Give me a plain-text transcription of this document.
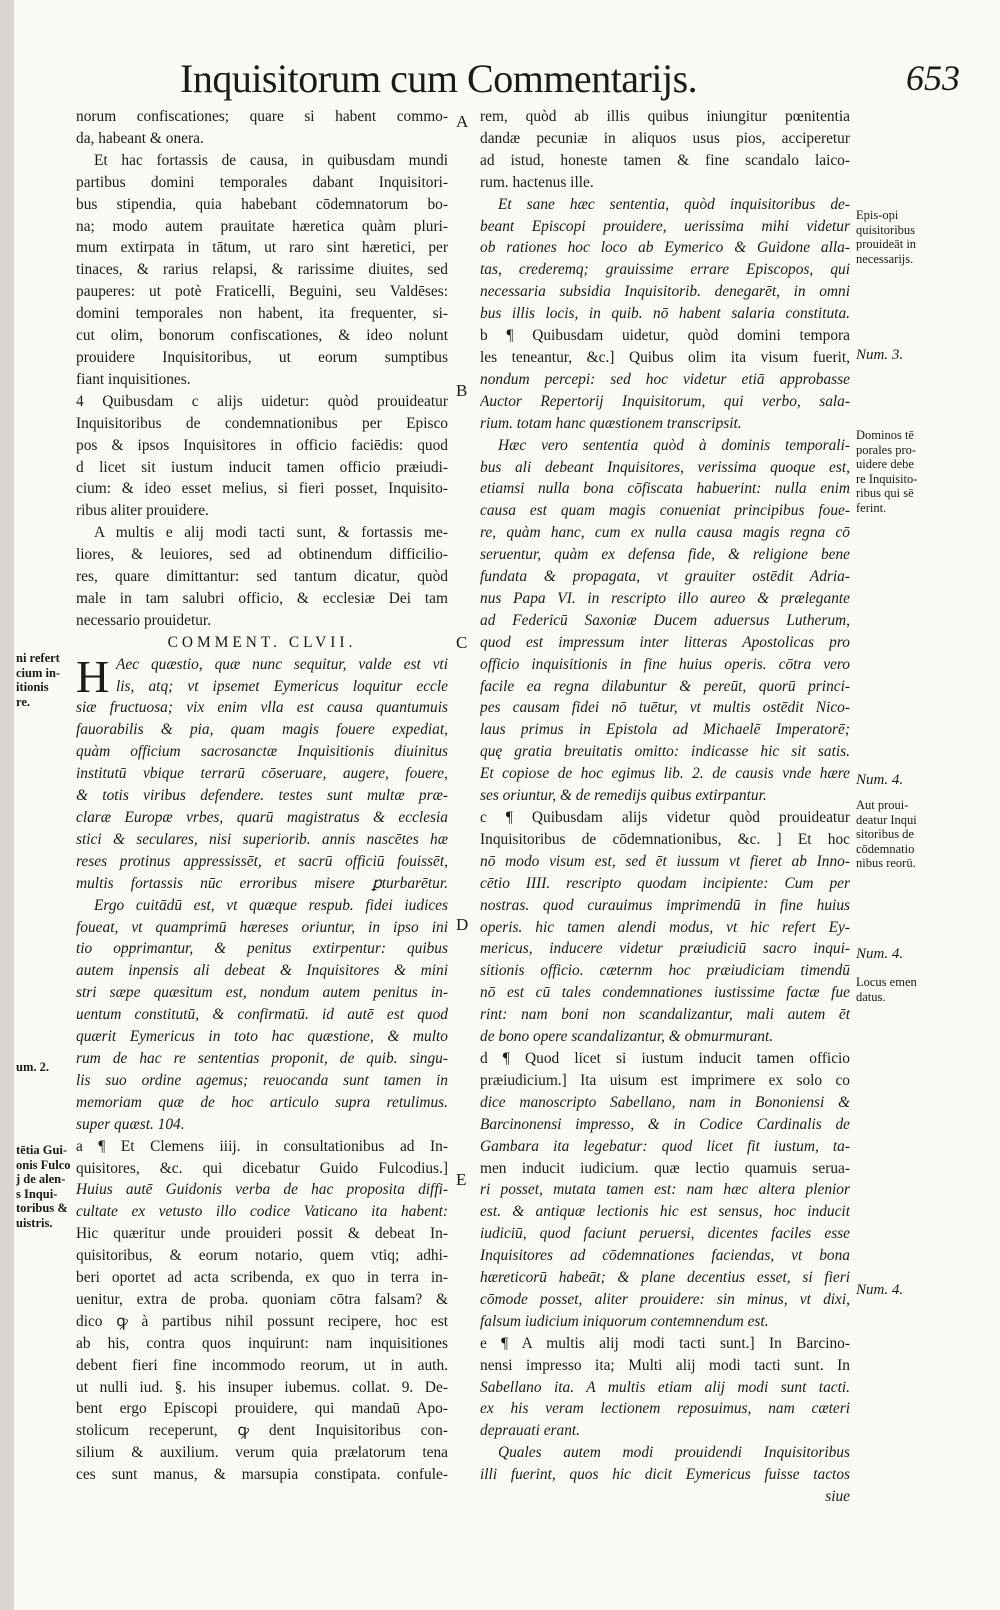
Inquisitorum cum Commentarijs.	653
norum confiscationes; quare si habent commo-
da, habeant & onera.
Et hac fortassis de causa, in quibusdam mundi
partibus domini temporales dabant Inquisitori-
bus stipendia, quia habebant cōdemnatorum bo-
na; modo autem prauitate hæretica quàm pluri-
mum extirpata in tātum, ut raro sint hæretici, per
tinaces, & rarius relapsi, & rarissime diuites, sed
pauperes: ut potè Fraticelli, Beguini, seu Valdēses:
domini temporales non habent, ita frequenter, si-
cut olim, bonorum confiscationes, & ideo nolunt
prouidere Inquisitoribus, ut eorum sumptibus
fiant inquisitiones.
4 Quibusdam c alijs uidetur: quòd prouideatur
Inquisitoribus de condemnationibus per Episco
pos & ipsos Inquisitores in officio faciēdis: quod
d licet sit iustum inducit tamen officio præiudi-
cium: & ideo esset melius, si fieri posset, Inquisito-
ribus aliter prouidere.
A multis e alij modi tacti sunt, & fortassis me-
liores, & leuiores, sed ad obtinendum difficilio-
res, quare dimittantur: sed tantum dicatur, quòd
male in tam salubri officio, & ecclesiæ Dei tam
necessario prouidetur.
COMMENT. CLVII.
Aec quæstio, quæ nunc sequitur, valde est vti
lis, atq; vt ipsemet Eymericus loquitur eccle
siæ fructuosa; vix enim vlla est causa quantumuis
fauorabilis & pia, quam magis fouere expediat,
quàm officium sacrosanctæ Inquisitionis diuinitus
institutū vbique terrarū cōseruare, augere, fouere,
& totis viribus defendere. testes sunt multæ præ-
claræ Europæ vrbes, quarū magistratus & ecclesia
stici & seculares, nisi superiorib. annis nascētes hæ
reses protinus appressissēt, et sacrū officiū fouissēt,
multis fortassis nūc erroribus misere ꝑturbarētur.
Ergo cuitādū est, vt quæque respub. fidei iudices
foueat, vt quamprimū hæreses oriuntur, in ipso ini
tio opprimantur, & penitus extirpentur: quibus
autem inpensis ali debeat & Inquisitores & mini
stri sæpe quæsitum est, nondum autem penitus in-
uentum constitutū, & confirmatū. id autē est quod
quærit Eymericus in toto hac quæstione, & multo
rum de hac re sententias proponit, de quib. singu-
lis suo ordine agemus; reuocanda sunt tamen in
memoriam quæ de hoc articulo supra retulimus.
super quæst. 104.
a ¶ Et Clemens iiij. in consultationibus ad In-
quisitores, &c. qui dicebatur Guido Fulcodius.]
Huius autē Guidonis verba de hac proposita diffi-
cultate ex vetusto illo codice Vaticano ita habent:
Hic quæritur unde prouideri possit & debeat In-
quisitoribus, & eorum notario, quem vtiq; adhi-
beri oportet ad acta scribenda, ex quo in terra in-
uenitur, extra de proba. quoniam cōtra falsam? &
dico ꝙ à partibus nihil possunt recipere, hoc est
ab his, contra quos inquirunt: nam inquisitiones
debent fieri fine incommodo reorum, ut in auth.
ut nulli iud. §. his insuper iubemus. collat. 9. De-
bent ergo Episcopi prouidere, qui mandaū Apo-
stolicum receperunt, ꝙ dent Inquisitoribus con-
silium & auxilium. verum quia prælatorum tena
ces sunt manus, & marsupia constipata. confule-
rem, quòd ab illis quibus iniungitur pœnitentia
dandæ pecuniæ in aliquos usus pios, acciperetur
ad istud, honeste tamen & fine scandalo laico-
rum. hactenus ille.
Et sane hæc sententia, quòd inquisitoribus de-
beant Episcopi prouidere, uerissima mihi videtur
ob rationes hoc loco ab Eymerico & Guidone alla-
tas, crederemq; grauissime errare Episcopos, qui
necessaria subsidia Inquisitorib. denegarēt, in omni
bus illis locis, in quib. nō habent salaria constituta.
b ¶ Quibusdam uidetur, quòd domini tempora
les teneantur, &c.] Quibus olim ita visum fuerit,
nondum percepi: sed hoc videtur etiā approbasse
Auctor Repertorij Inquisitorum, qui verbo, sala-
rium. totam hanc quæstionem transcripsit.
Hæc vero sententia quòd à dominis temporali-
bus ali debeant Inquisitores, verissima quoque est,
etiamsi nulla bona cōfiscata habuerint: nulla enim
causa est quam magis conueniat principibus foue-
re, quàm hanc, cum ex nulla causa magis regna cō
seruentur, quàm ex defensa fide, & religione bene
fundata & propagata, vt grauiter ostēdit Adria-
nus Papa VI. in rescripto illo aureo & prælegante
ad Federicū Saxoniæ Ducem aduersus Lutherum,
quod est impressum inter litteras Apostolicas pro
officio inquisitionis in fine huius operis. cōtra vero
facile ea regna dilabuntur & pereūt, quorū princi-
pes causam fidei nō tuētur, vt multis ostēdit Nico-
laus primus in Epistola ad Michaelē Imperatorē;
quę gratia breuitatis omitto: indicasse hic sit satis.
Et copiose de hoc egimus lib. 2. de causis vnde hære
ses oriuntur, & de remedijs quibus extirpantur.
c ¶ Quibusdam alijs videtur quòd prouideatur
Inquisitoribus de cōdemnationibus, &c. ] Et hoc
nō modo visum est, sed ēt iussum vt fieret ab Inno-
cētio IIII. rescripto quodam incipiente: Cum per
nostras. quod curauimus imprimendū in fine huius
operis. hic tamen alendi modus, vt hic refert Ey-
mericus, inducere videtur præiudiciū sacro inqui-
sitionis officio. cæternm hoc præiudiciam timendū
nō est cū tales condemnationes iustissime factæ fue
rint: nam boni non scandalizantur, mali autem ēt
de bono opere scandalizantur, & obmurmurant.
d ¶ Quod licet si iustum inducit tamen officio
præiudicium.] Ita uisum est imprimere ex solo co
dice manoscripto Sabellano, nam in Bononiensi &
Barcinonensi impresso, & in Codice Cardinalis de
Gambara ita legebatur: quod licet fit iustum, ta-
men inducit iudicium. quæ lectio quamuis serua-
ri posset, mutata tamen est: nam hæc altera plenior
est. & antiquæ lectionis hic est sensus, hoc inducit
iudiciū, quod faciunt peruersi, dicentes faciles esse
Inquisitores ad cōdemnationes faciendas, vt bona
hæreticorū habeāt; & plane decentius esset, si fieri
cōmode posset, aliter prouidere: sin minus, vt dixi,
falsum iudicium iniquorum contemnendum est.
e ¶ A multis alij modi tacti sunt.] In Barcino-
nensi impresso ita; Multi alij modi tacti sunt. In
Sabellano ita. A multis etiam alij modi sunt tacti.
ex his veram lectionem reposuimus, nam cæteri
deprauati erant.
Quales autem modi prouidendi Inquisitoribus
illi fuerint, quos hic dicit Eymericus fuisse tactos
siue
A
B
C
D
E
Epis-opi
quisitoribus
prouideāt in
necessarijs.
Num. 3.
Dominos tē
porales pro-
uidere debe
re Inquisito-
ribus qui sē
ferint.
Num. 4.
Aut proui-
deatur Inqui
sitoribus de
cōdemnatio
nibus reorū.
Num. 4.
Locus emen
datus.
Num. 4.
ni refert
cium in-
itionis
re.
um. 2.
tētia Gui-
onis Fulco
j de alen-
s Inqui-
toribus &
uistris.
H
